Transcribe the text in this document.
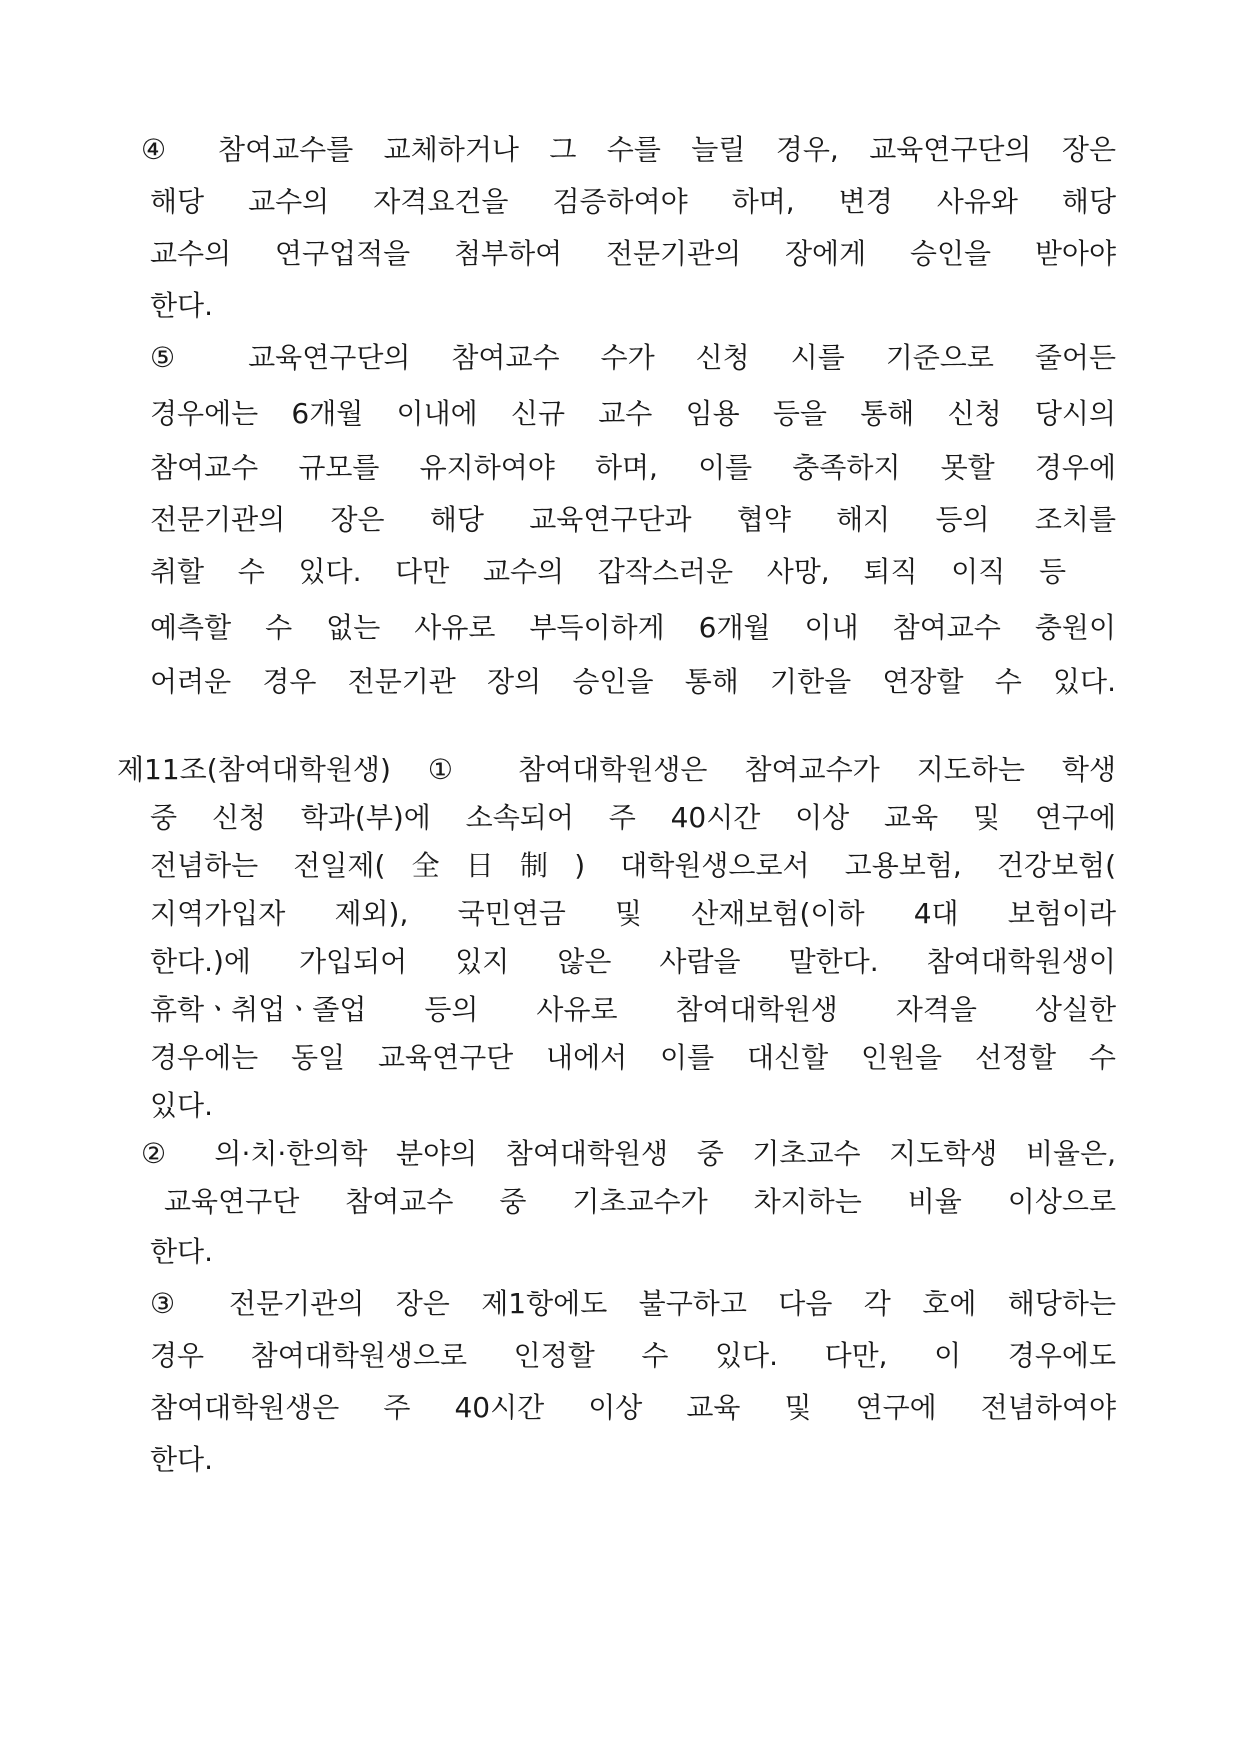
④ 참여교수를 교체하거나 그 수를 늘릴 경우, 교육연구단의 장은
해당 교수의 자격요건을 검증하여야 하며, 변경 사유와 해당
교수의 연구업적을 첨부하여 전문기관의 장에게 승인을 받아야
한다.
⑤ 교육연구단의 참여교수 수가 신청 시를 기준으로 줄어든
경우에는 6개월 이내에 신규 교수 임용 등을 통해 신청 당시의
참여교수 규모를 유지하여야 하며, 이를 충족하지 못할 경우에
전문기관의 장은 해당 교육연구단과 협약 해지 등의 조치를
취할 수 있다. 다만 교수의 갑작스러운 사망, 퇴직 이직 등
예측할 수 없는 사유로 부득이하게 6개월 이내 참여교수 충원이
어려운 경우 전문기관 장의 승인을 통해 기한을 연장할 수 있다.
제11조(참여대학원생) ① 참여대학원생은 참여교수가 지도하는 학생
중 신청 학과(부)에 소속되어 주 40시간 이상 교육 및 연구에
전념하는 전일제(全日制) 대학원생으로서 고용보험, 건강보험(
지역가입자 제외), 국민연금 및 산재보험(이하 4대 보험이라
한다.)에 가입되어 있지 않은 사람을 말한다. 참여대학원생이
휴학ㆍ취업ㆍ졸업 등의 사유로 참여대학원생 자격을 상실한
경우에는 동일 교육연구단 내에서 이를 대신할 인원을 선정할 수
있다.
② 의·치·한의학 분야의 참여대학원생 중 기초교수 지도학생 비율은,
교육연구단 참여교수 중 기초교수가 차지하는 비율 이상으로
한다.
③ 전문기관의 장은 제1항에도 불구하고 다음 각 호에 해당하는
경우 참여대학원생으로 인정할 수 있다. 다만, 이 경우에도
참여대학원생은 주 40시간 이상 교육 및 연구에 전념하여야
한다.
